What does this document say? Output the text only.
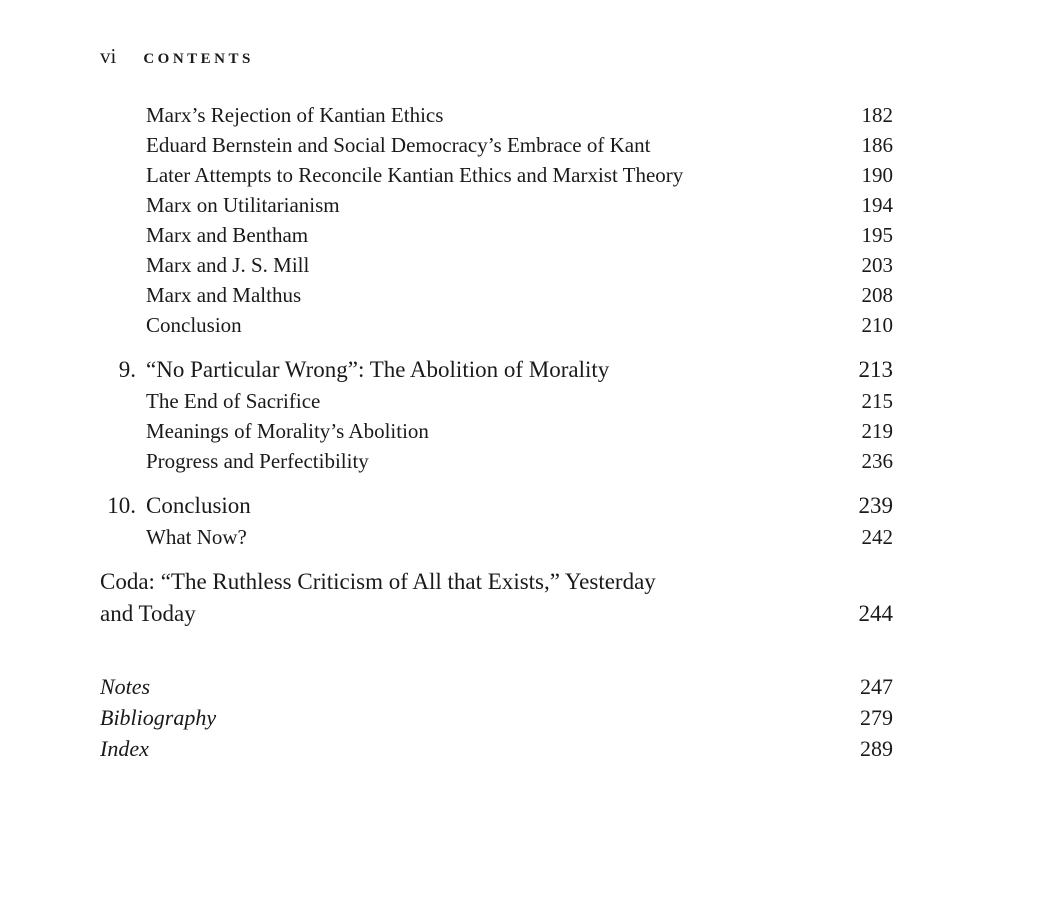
vi CONTENTS
Marx’s Rejection of Kantian Ethics	182
Eduard Bernstein and Social Democracy’s Embrace of Kant	186
Later Attempts to Reconcile Kantian Ethics and Marxist Theory	190
Marx on Utilitarianism	194
Marx and Bentham	195
Marx and J. S. Mill	203
Marx and Malthus	208
Conclusion	210
9. “No Particular Wrong”: The Abolition of Morality	213
The End of Sacrifice	215
Meanings of Morality’s Abolition	219
Progress and Perfectibility	236
10. Conclusion	239
What Now?	242
Coda: “The Ruthless Criticism of All that Exists,” Yesterday
and Today	244
Notes	247
Bibliography	279
Index	289
